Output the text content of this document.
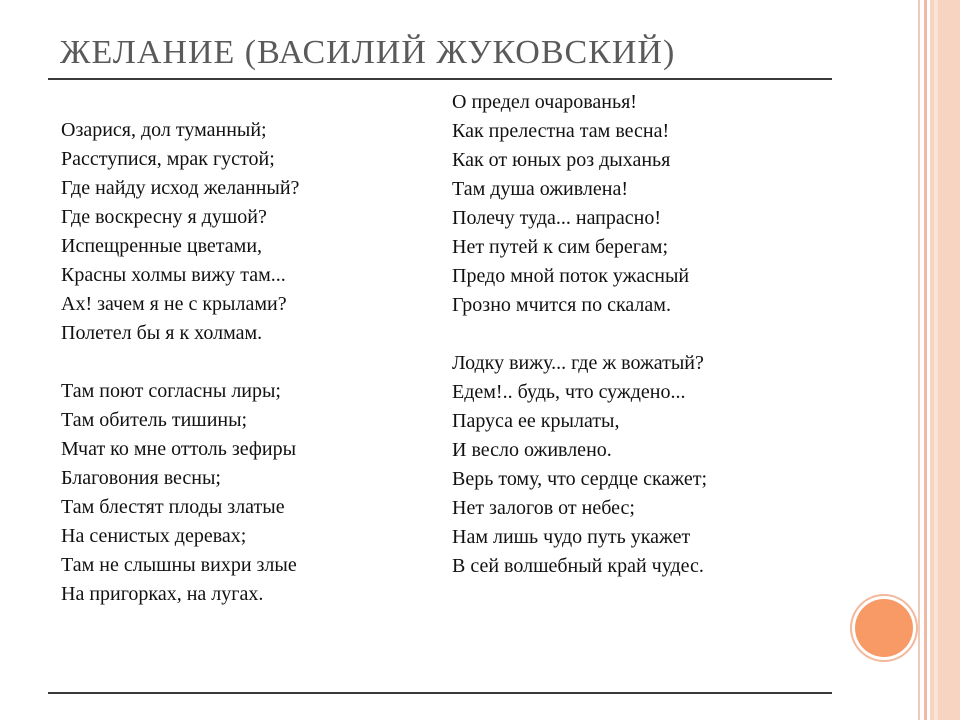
ЖЕЛАНИЕ (ВАСИЛИЙ ЖУКОВСКИЙ)
Озарися, дол туманный;
Расступися, мрак густой;
Где найду исход желанный?
Где воскресну я душой?
Испещренные цветами,
Красны холмы вижу там...
Ах! зачем я не с крылами?
Полетел бы я к холмам.
Там поют согласны лиры;
Там обитель тишины;
Мчат ко мне оттоль зефиры
Благовония весны;
Там блестят плоды златые
На сенистых деревах;
Там не слышны вихри злые
На пригорках, на лугах.
О предел очарованья!
Как прелестна там весна!
Как от юных роз дыханья
Там душа оживлена!
Полечу туда... напрасно!
Нет путей к сим берегам;
Предо мной поток ужасный
Грозно мчится по скалам.
Лодку вижу... где ж вожатый?
Едем!.. будь, что суждено...
Паруса ее крылаты,
И весло оживлено.
Верь тому, что сердце скажет;
Нет залогов от небес;
Нам лишь чудо путь укажет
В сей волшебный край чудес.
